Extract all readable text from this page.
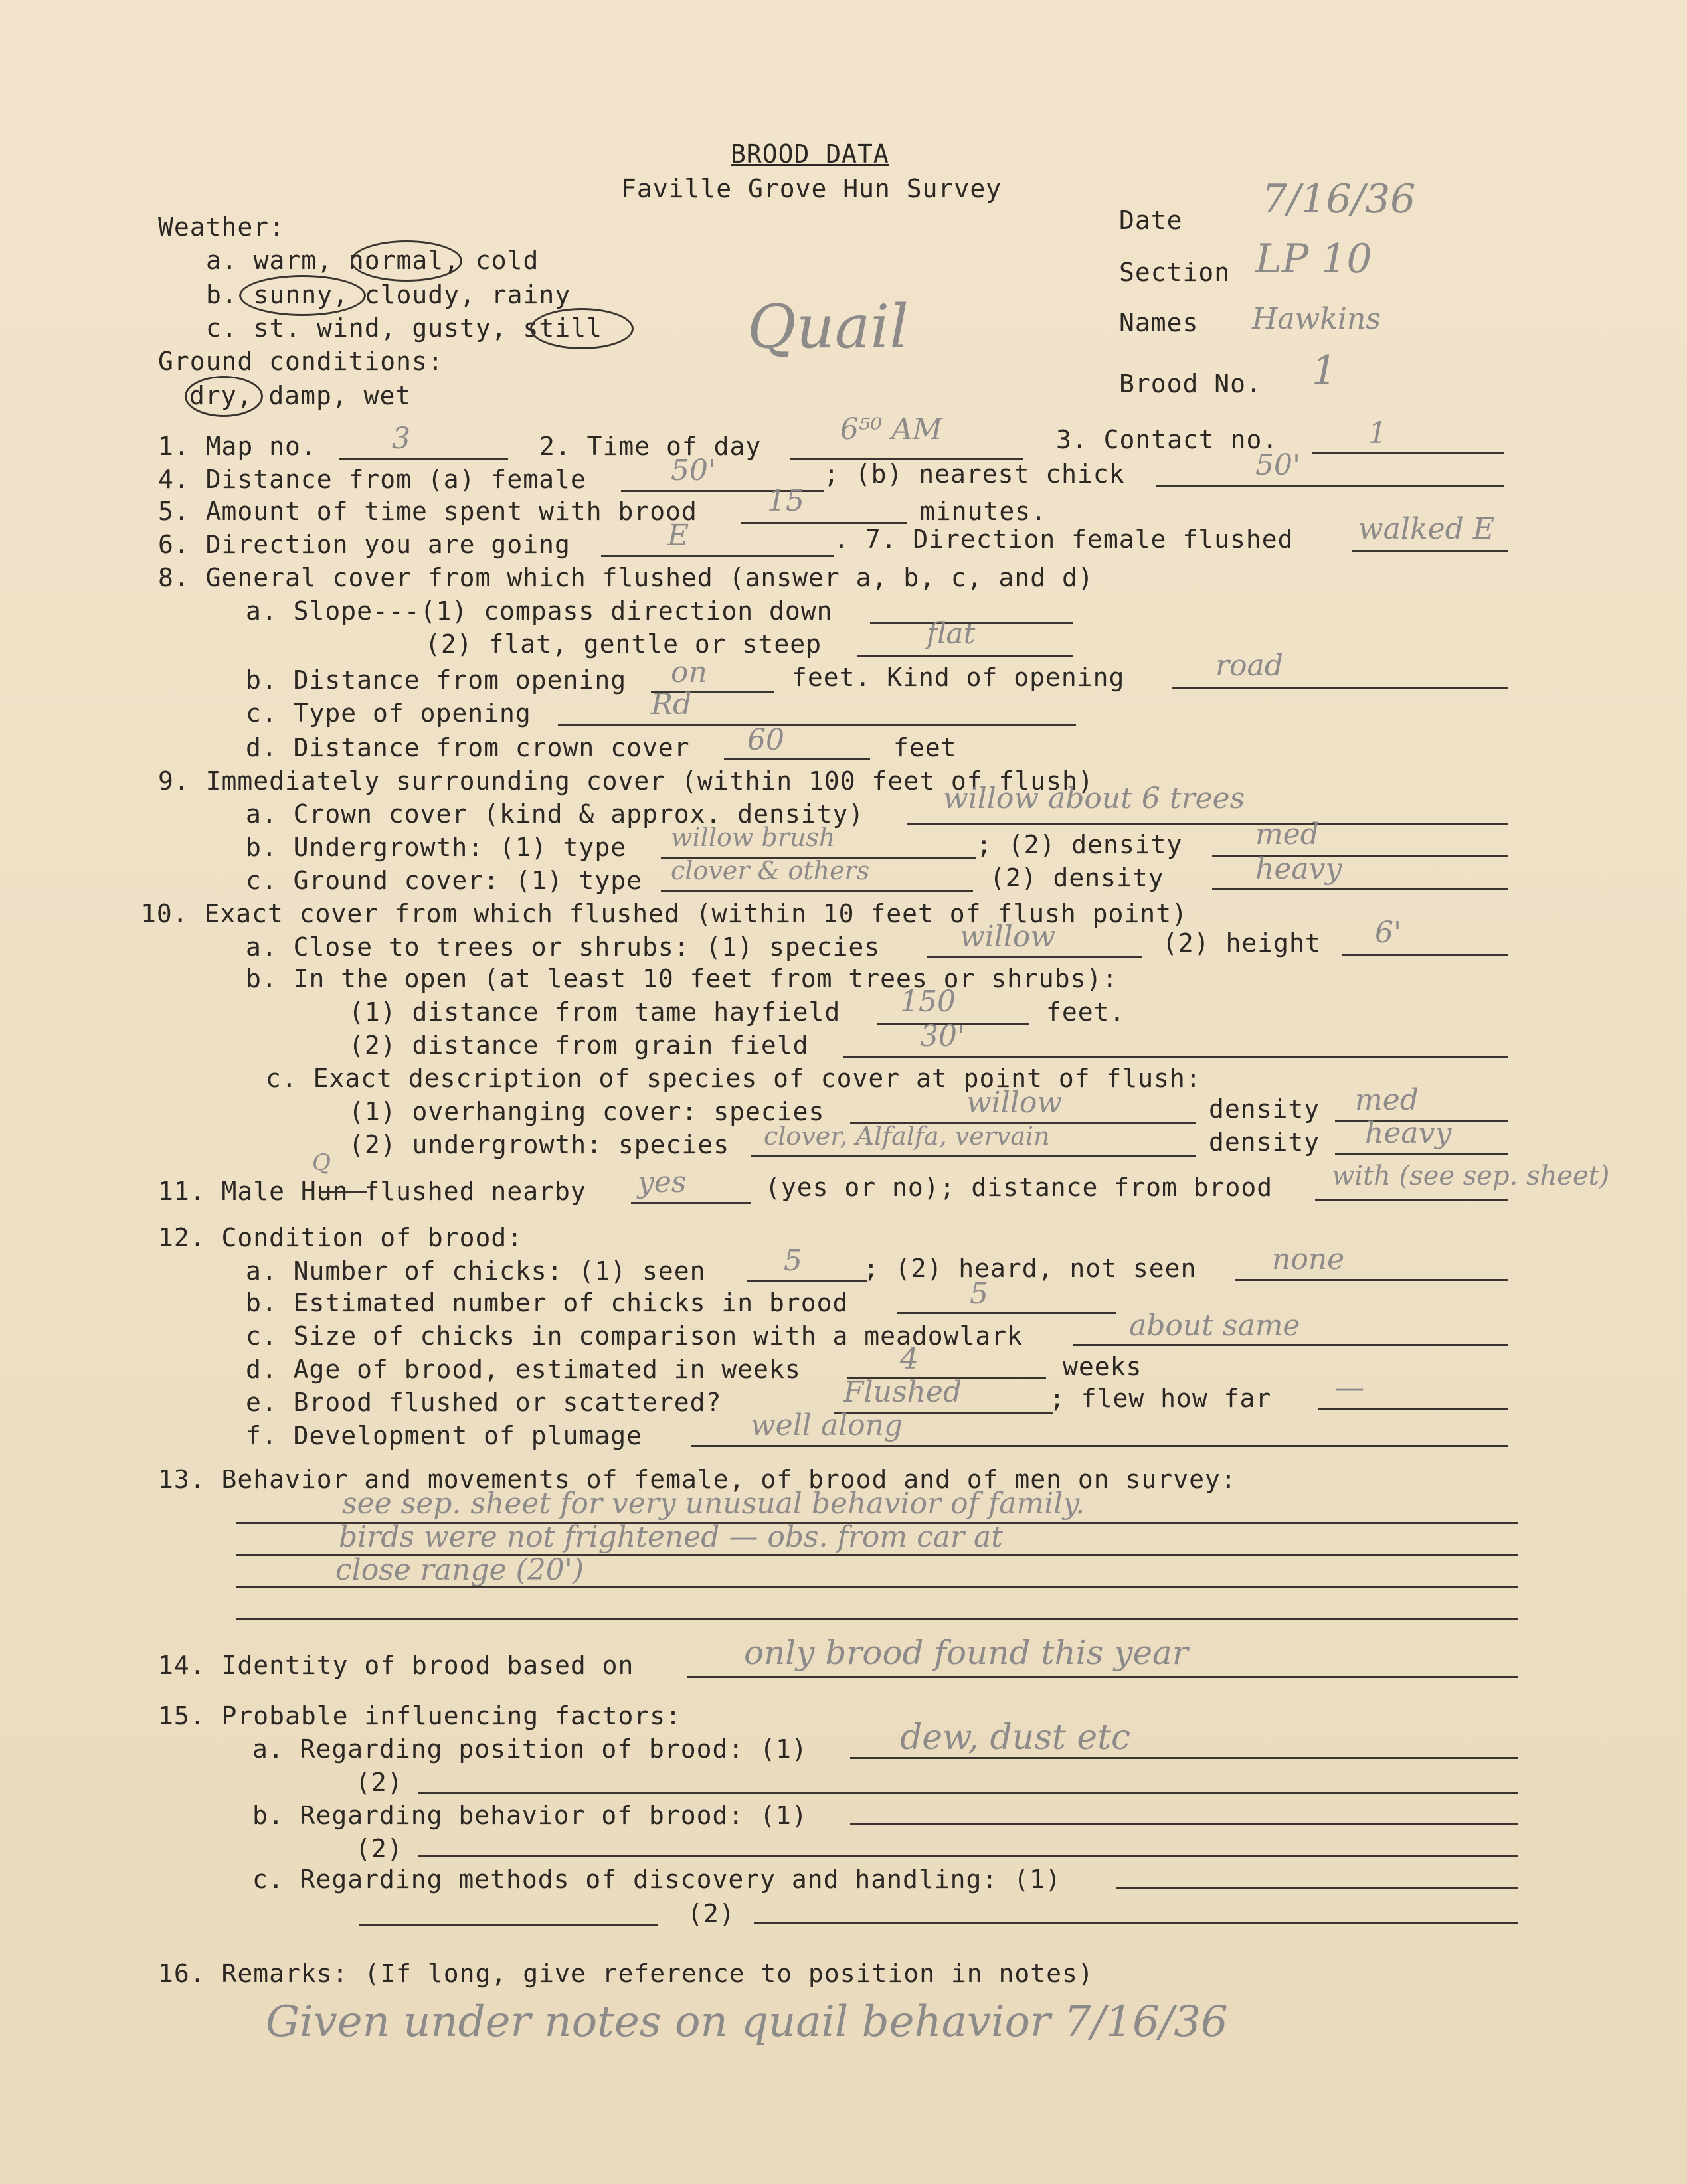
BROOD DATA
Faville Grove Hun Survey
Quail
Weather:
a. warm, normal, cold
b. sunny, cloudy, rainy
c. st. wind, gusty, still
Ground conditions:
dry, damp, wet
Date 7/16/36
Section LP 10
Names Hawkins
Brood No. 1
1. Map no.	3	2. Time of day	6⁵⁰ AM	3. Contact no.	1
4. Distance from (a) female	50'	; (b) nearest chick	50'
5. Amount of time spent with brood 15	minutes.
6. Direction you are going	E	. 7. Direction female flushed walked E
8. General cover from which flushed (answer a, b, c, and d)
a. Slope---(1) compass direction down
(2) flat, gentle or steep	flat
b. Distance from opening on	feet. Kind of opening	road
c. Type of opening	Rd
d. Distance from crown cover 60	feet
9. Immediately surrounding cover (within 100 feet of flush)
a. Crown cover (kind & approx. density)	willow about 6 trees
b. Undergrowth: (1) type willow brush	; (2) density med
c. Ground cover: (1) type clover & others	(2) density	heavy
10. Exact cover from which flushed (within 10 feet of flush point)
a. Close to trees or shrubs: (1) species	willow	(2) height 6'
b. In the open (at least 10 feet from trees or shrubs):
(1) distance from tame hayfield 150	feet.
(2) distance from grain field	30'
c. Exact description of species of cover at point of flush:
(1) overhanging cover: species	willow	density med
(2) undergrowth: species clover, Alfalfa, vervain	density heavy
Q
11. Male Hun flushed nearby yes	(yes or no); distance from brood with (see sep. sheet)
12. Condition of brood:
a. Number of chicks: (1) seen	5 ; (2) heard, not seen	none
b. Estimated number of chicks in brood	5
c. Size of chicks in comparison with a meadowlark	about same
d. Age of brood, estimated in weeks	4	weeks
e. Brood flushed or scattered?	Flushed	; flew how far —
f. Development of plumage	well along
13. Behavior and movements of female, of brood and of men on survey:
see sep. sheet for very unusual behavior of family.
birds were not frightened — obs. from car at
close range (20')
14. Identity of brood based on	only brood found this year
15. Probable influencing factors:
a. Regarding position of brood: (1)	dew, dust etc
(2)
b. Regarding behavior of brood: (1)
(2)
c. Regarding methods of discovery and handling: (1)
(2)
16. Remarks: (If long, give reference to position in notes)
Given under notes on quail behavior 7/16/36
